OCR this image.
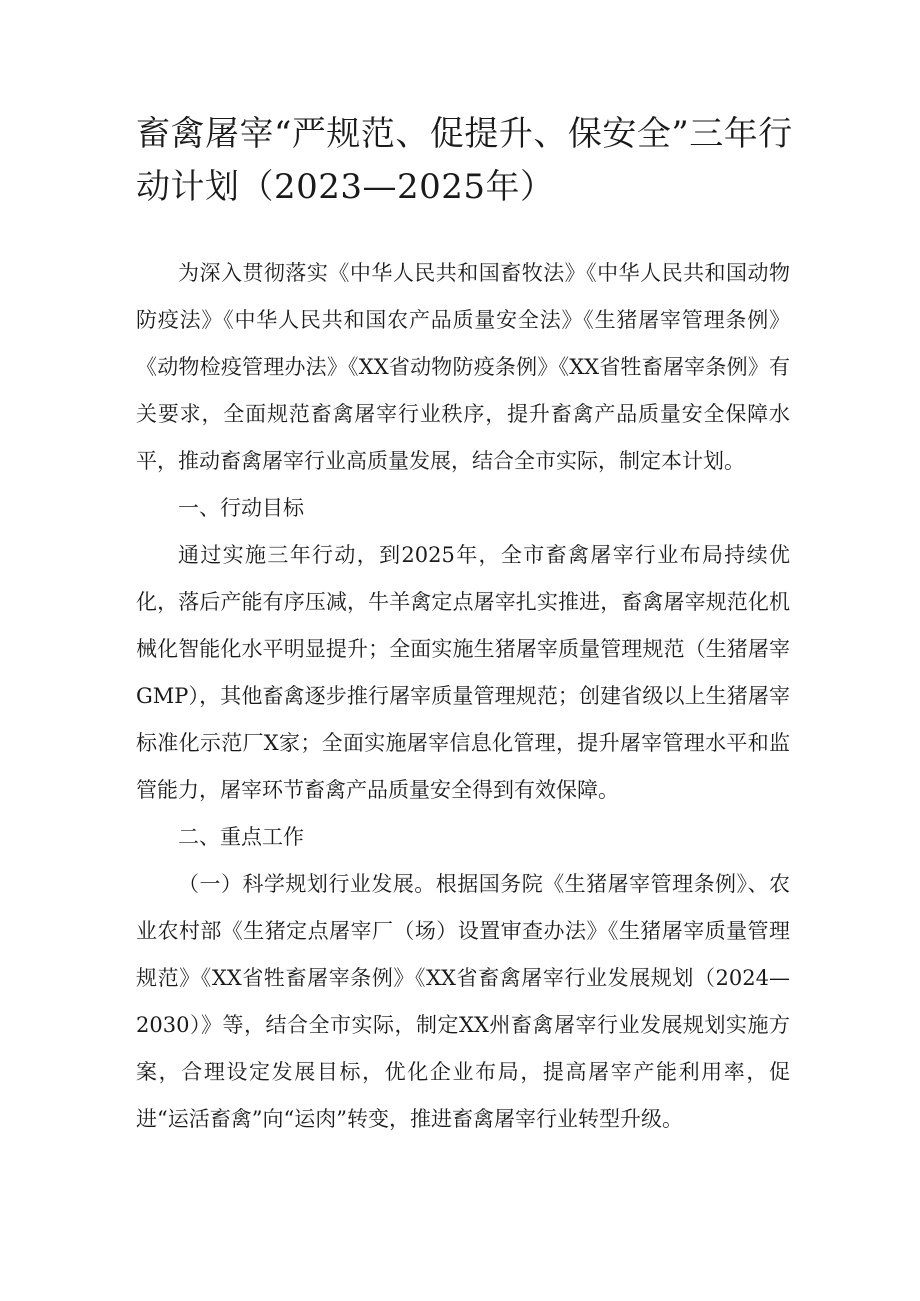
畜禽屠宰“严规范、促提升、保安全”三年行动计划（2023—2025年）

为深入贯彻落实《中华人民共和国畜牧法》《中华人民共和国动物防疫法》《中华人民共和国农产品质量安全法》《生猪屠宰管理条例》《动物检疫管理办法》《XX省动物防疫条例》《XX省牲畜屠宰条例》有关要求，全面规范畜禽屠宰行业秩序，提升畜禽产品质量安全保障水平，推动畜禽屠宰行业高质量发展，结合全市实际，制定本计划。

一、行动目标

通过实施三年行动，到2025年，全市畜禽屠宰行业布局持续优化，落后产能有序压减，牛羊禽定点屠宰扎实推进，畜禽屠宰规范化机械化智能化水平明显提升；全面实施生猪屠宰质量管理规范（生猪屠宰GMP），其他畜禽逐步推行屠宰质量管理规范；创建省级以上生猪屠宰标准化示范厂X家；全面实施屠宰信息化管理，提升屠宰管理水平和监管能力，屠宰环节畜禽产品质量安全得到有效保障。

二、重点工作

（一）科学规划行业发展。根据国务院《生猪屠宰管理条例》、农业农村部《生猪定点屠宰厂（场）设置审查办法》《生猪屠宰质量管理规范》《XX省牲畜屠宰条例》《XX省畜禽屠宰行业发展规划（2024—2030）》等，结合全市实际，制定XX州畜禽屠宰行业发展规划实施方案，合理设定发展目标，优化企业布局，提高屠宰产能利用率，促进“运活畜禽”向“运肉”转变，推进畜禽屠宰行业转型升级。
